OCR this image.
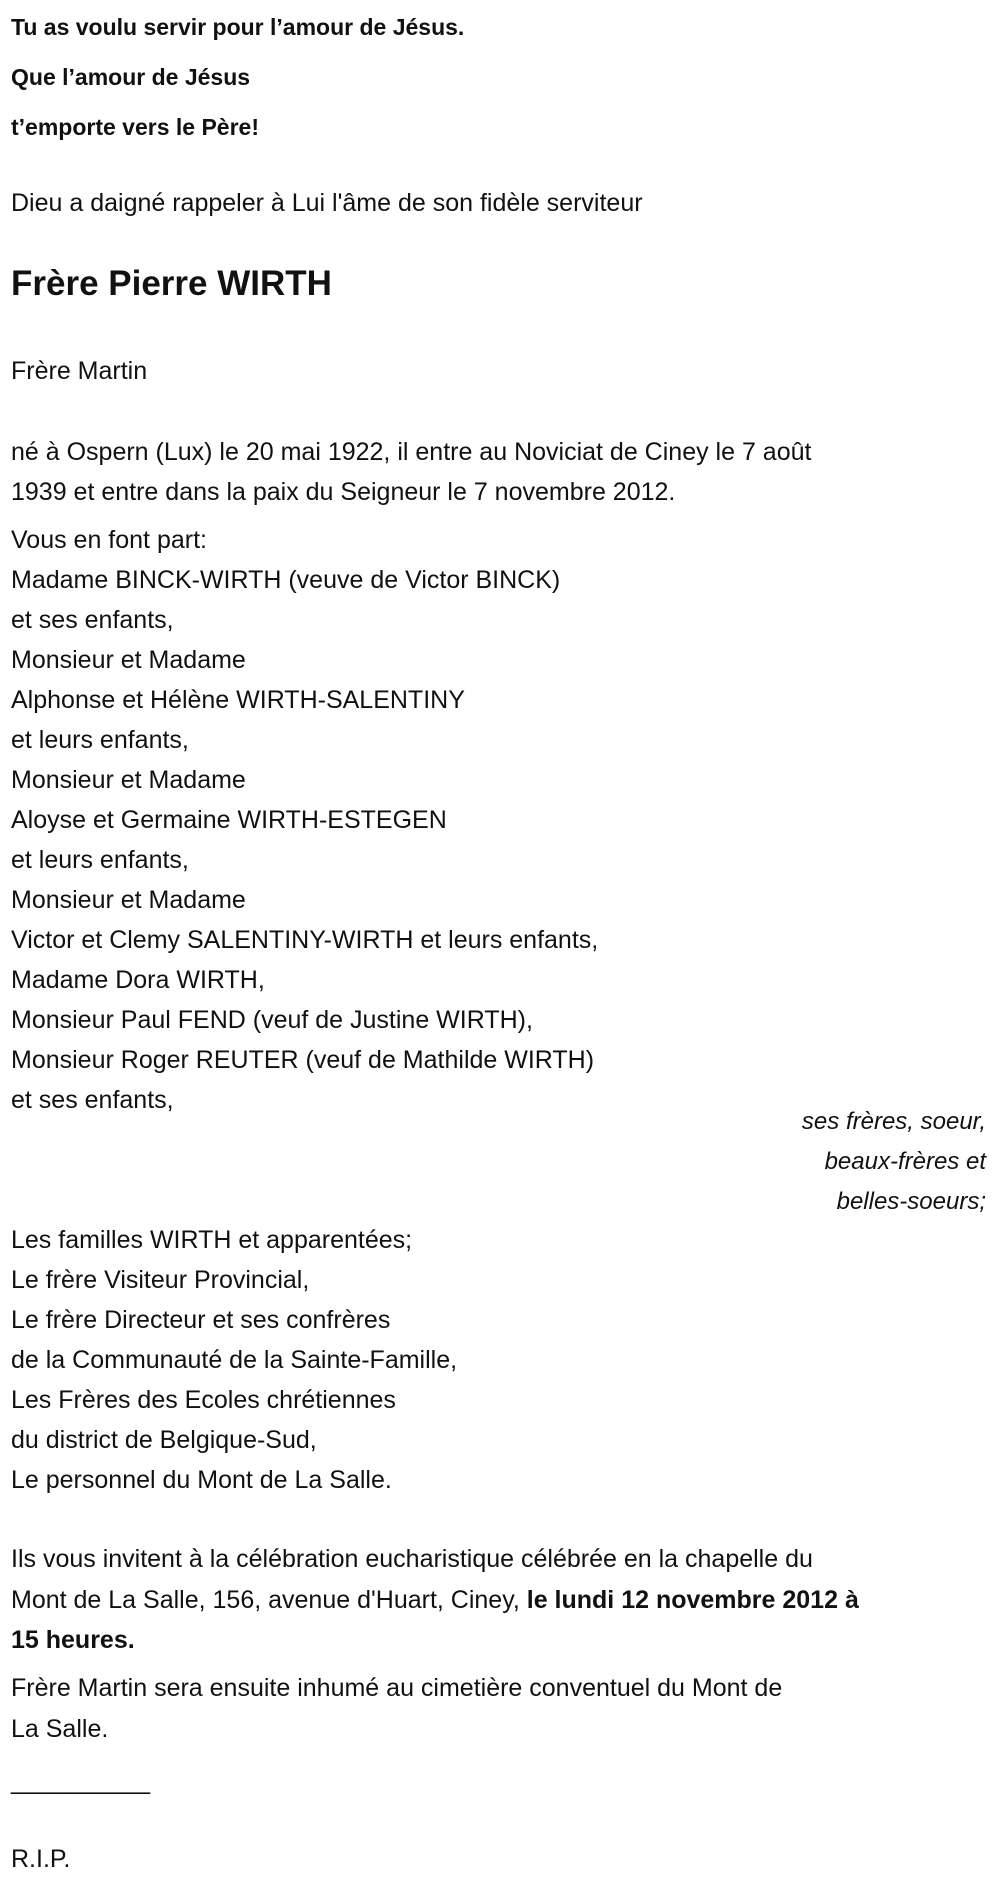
Tu as voulu servir pour l’amour de Jésus.
Que l’amour de Jésus
t’emporte vers le Père!
Dieu a daigné rappeler à Lui l'âme de son fidèle serviteur
Frère Pierre WIRTH
Frère Martin
né à Ospern (Lux) le 20 mai 1922, il entre au Noviciat de Ciney le 7 août
1939 et entre dans la paix du Seigneur le 7 novembre 2012.
Vous en font part:
Madame BINCK-WIRTH (veuve de Victor BINCK)
et ses enfants,
Monsieur et Madame
Alphonse et Hélène WIRTH-SALENTINY
et leurs enfants,
Monsieur et Madame
Aloyse et Germaine WIRTH-ESTEGEN
et leurs enfants,
Monsieur et Madame
Victor et Clemy SALENTINY-WIRTH et leurs enfants,
Madame Dora WIRTH,
Monsieur Paul FEND (veuf de Justine WIRTH),
Monsieur Roger REUTER (veuf de Mathilde WIRTH)
et ses enfants,
ses frères, soeur,
beaux-frères et
belles-soeurs;
Les familles WIRTH et apparentées;
Le frère Visiteur Provincial,
Le frère Directeur et ses confrères
de la Communauté de la Sainte-Famille,
Les Frères des Ecoles chrétiennes
du district de Belgique-Sud,
Le personnel du Mont de La Salle.
Ils vous invitent à la célébration eucharistique célébrée en la chapelle du
Mont de La Salle, 156, avenue d'Huart, Ciney, le lundi 12 novembre 2012 à
15 heures.
Frère Martin sera ensuite inhumé au cimetière conventuel du Mont de
La Salle.
__________
R.I.P.
